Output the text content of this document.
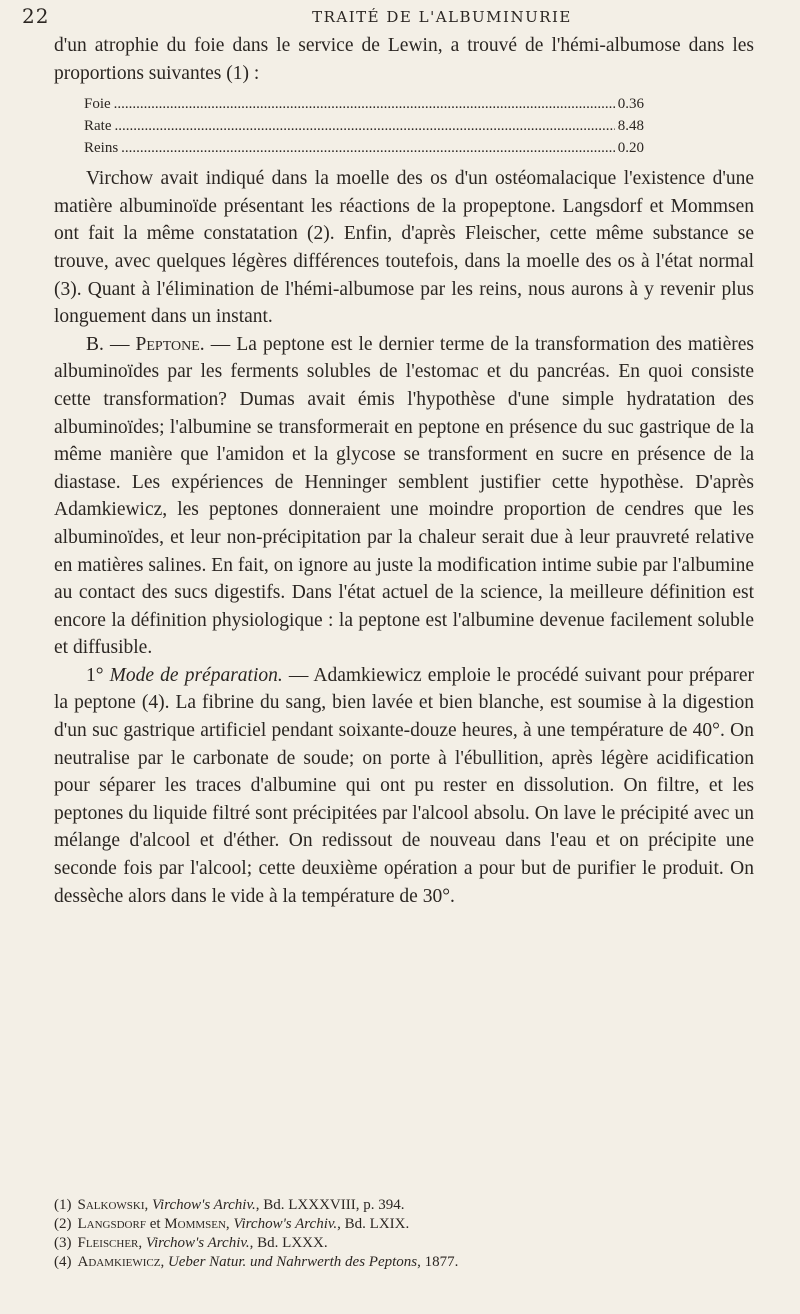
22	TRAITÉ DE L'ALBUMINURIE

d'un atrophie du foie dans le service de Lewin, a trouvé de l'hémi-albumose dans les proportions suivantes (1) :

Foie .....	0.36
Rate .....	8.48
Reins .....	0.20

Virchow avait indiqué dans la moelle des os d'un ostéomalacique l'existence d'une matière albuminoïde présentant les réactions de la propeptone. Langsdorf et Mommsen ont fait la même constatation (2). Enfin, d'après Fleischer, cette même substance se trouve, avec quelques légères différences toutefois, dans la moelle des os à l'état normal (3). Quant à l'élimination de l'hémi-albumose par les reins, nous aurons à y revenir plus longuement dans un instant.

B. — Peptone. — La peptone est le dernier terme de la transformation des matières albuminoïdes par les ferments solubles de l'estomac et du pancréas. En quoi consiste cette transformation? Dumas avait émis l'hypothèse d'une simple hydratation des albuminoïdes; l'albumine se transformerait en peptone en présence du suc gastrique de la même manière que l'amidon et la glycose se transforment en sucre en présence de la diastase. Les expériences de Henninger semblent justifier cette hypothèse. D'après Adamkiewicz, les peptones donneraient une moindre proportion de cendres que les albuminoïdes, et leur non-précipitation par la chaleur serait due à leur prauvreté relative en matières salines. En fait, on ignore au juste la modification intime subie par l'albumine au contact des sucs digestifs. Dans l'état actuel de la science, la meilleure définition est encore la définition physiologique : la peptone est l'albumine devenue facilement soluble et diffusible.

1° Mode de préparation. — Adamkiewicz emploie le procédé suivant pour préparer la peptone (4). La fibrine du sang, bien lavée et bien blanche, est soumise à la digestion d'un suc gastrique artificiel pendant soixante-douze heures, à une température de 40°. On neutralise par le carbonate de soude; on porte à l'ébullition, après légère acidification pour séparer les traces d'albumine qui ont pu rester en dissolution. On filtre, et les peptones du liquide filtré sont précipitées par l'alcool absolu. On lave le précipité avec un mélange d'alcool et d'éther. On redissout de nouveau dans l'eau et on précipite une seconde fois par l'alcool; cette deuxième opération a pour but de purifier le produit. On dessèche alors dans le vide à la température de 30°.

(1) Salkowski, Virchow's Archiv., Bd. LXXXVIII, p. 394.

(2) Langsdorf et Mommsen, Virchow's Archiv., Bd. LXIX.

(3) Fleischer, Virchow's Archiv., Bd. LXXX.

(4) Adamkiewicz, Ueber Natur. und Nahrwerth des Peptons, 1877.
